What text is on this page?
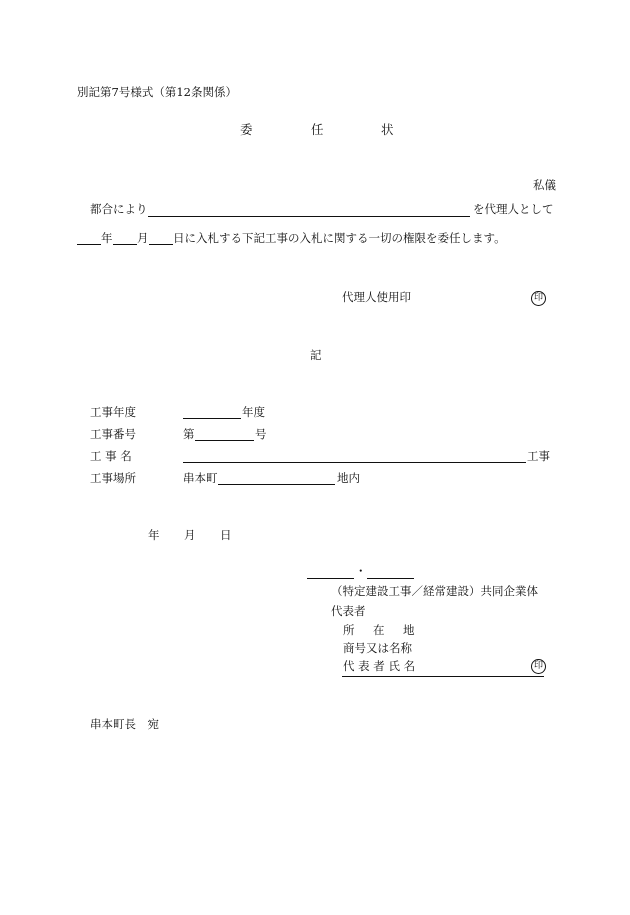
別記第7号様式（第12条関係）
委	任	状
私儀
都合により	を代理人として
年 月 日に入札する下記工事の入札に関する一切の権限を委任します。
代理人使用印	印
記
工事年度	年度
工事番号	第	号
工 事 名	工事
工事場所	串本町	地内
年 月 日
・
（特定建設工事／経常建設）共同企業体
代表者
所 在 地
商号又は名称
代 表 者 氏 名	印
串本町長　宛
